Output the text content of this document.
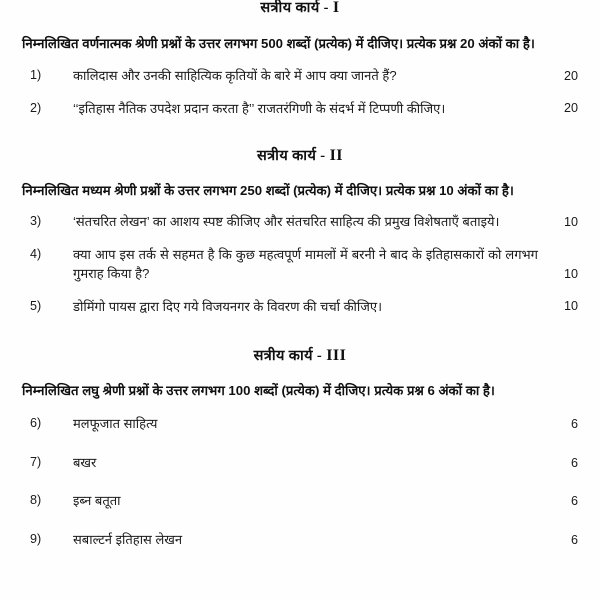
सत्रीय कार्य - I

निम्नलिखित वर्णनात्मक श्रेणी प्रश्नों के उत्तर लगभग 500 शब्दों (प्रत्येक) में दीजिए। प्रत्येक प्रश्न 20 अंकों का है।

1)	कालिदास और उनकी साहित्यिक कृतियों के बारे में आप क्या जानते हैं?	20
2)	‘‘इतिहास नैतिक उपदेश प्रदान करता है’’ राजतरंगिणी के संदर्भ में टिप्पणी कीजिए।	20
सत्रीय कार्य - II

निम्नलिखित मध्यम श्रेणी प्रश्नों के उत्तर लगभग 250 शब्दों (प्रत्येक) में दीजिए। प्रत्येक प्रश्न 10 अंकों का है।

3)	‘संतचरित लेखन’ का आशय स्पष्ट कीजिए और संतचरित साहित्य की प्रमुख विशेषताएँ बताइये।	10
4)	क्या आप इस तर्क से सहमत है कि कुछ महत्वपूर्ण मामलों में बरनी ने बाद के इतिहासकारों को लगभग गुमराह किया है?	10
5)	डोमिंगो पायस द्वारा दिए गये विजयनगर के विवरण की चर्चा कीजिए।	10
सत्रीय कार्य - III

निम्नलिखित लघु श्रेणी प्रश्नों के उत्तर लगभग 100 शब्दों (प्रत्येक) में दीजिए। प्रत्येक प्रश्न 6 अंकों का है।

6)	मलफूजात साहित्य	6
7)	बखर	6
8)	इब्न बतूता	6
9)	सबाल्टर्न इतिहास लेखन	6
